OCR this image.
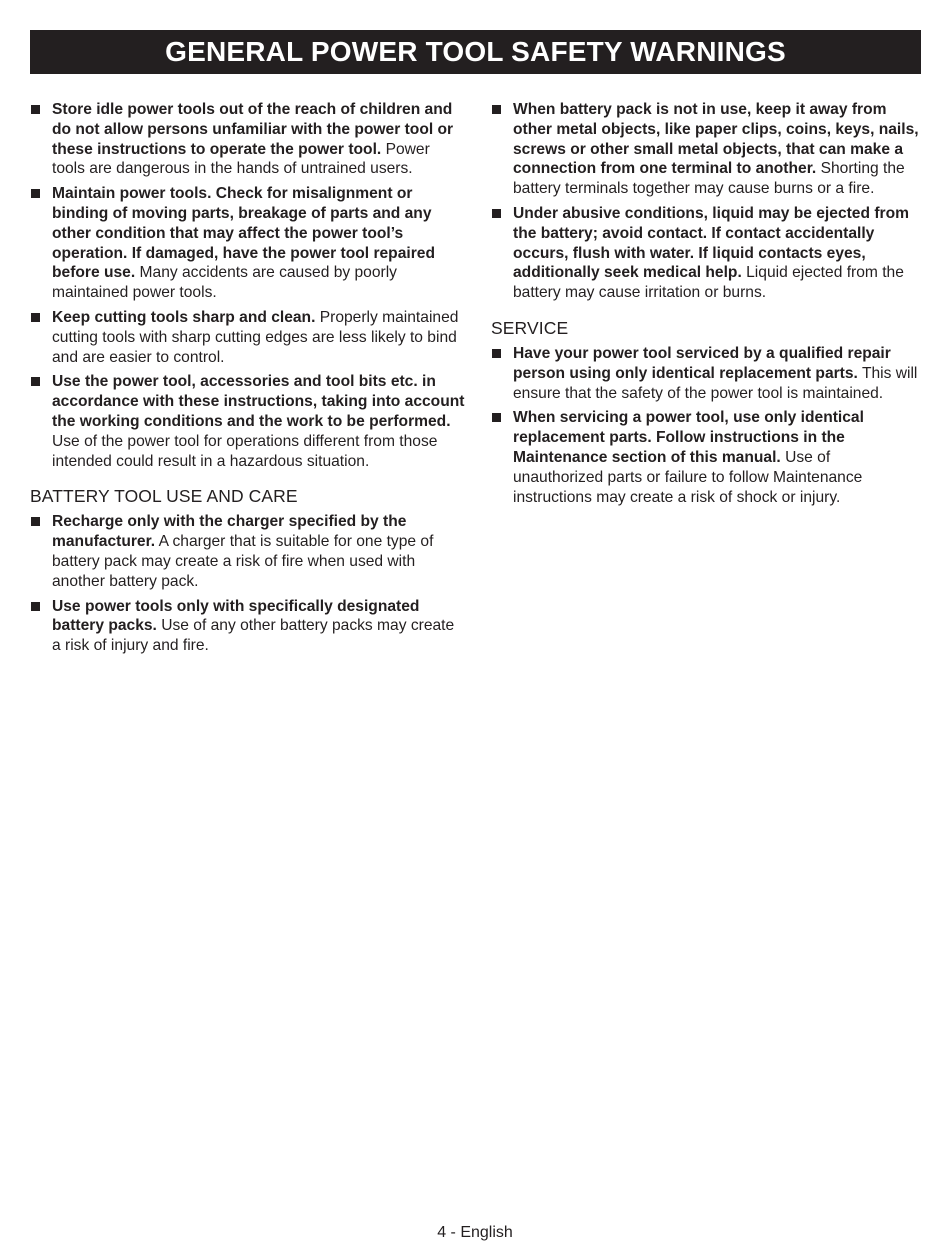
GENERAL POWER TOOL SAFETY WARNINGS
Store idle power tools out of the reach of children and do not allow persons unfamiliar with the power tool or these instructions to operate the power tool. Power tools are dangerous in the hands of untrained users.
Maintain power tools. Check for misalignment or binding of moving parts, breakage of parts and any other condition that may affect the power tool’s operation. If damaged, have the power tool repaired before use. Many accidents are caused by poorly maintained power tools.
Keep cutting tools sharp and clean. Properly maintained cutting tools with sharp cutting edges are less likely to bind and are easier to control.
Use the power tool, accessories and tool bits etc. in accordance with these instructions, taking into account the working conditions and the work to be performed. Use of the power tool for operations different from those intended could result in a hazardous situation.
BATTERY TOOL USE AND CARE
Recharge only with the charger specified by the manufacturer. A charger that is suitable for one type of battery pack may create a risk of fire when used with another battery pack.
Use power tools only with specifically designated battery packs. Use of any other battery packs may create a risk of injury and fire.
When battery pack is not in use, keep it away from other metal objects, like paper clips, coins, keys, nails, screws or other small metal objects, that can make a connection from one terminal to another. Shorting the battery terminals together may cause burns or a fire.
Under abusive conditions, liquid may be ejected from the battery; avoid contact. If contact accidentally occurs, flush with water. If liquid contacts eyes, additionally seek medical help. Liquid ejected from the battery may cause irritation or burns.
SERVICE
Have your power tool serviced by a qualified repair person using only identical replacement parts. This will ensure that the safety of the power tool is maintained.
When servicing a power tool, use only identical replacement parts. Follow instructions in the Maintenance section of this manual. Use of unauthorized parts or failure to follow Maintenance instructions may create a risk of shock or injury.
4 - English
